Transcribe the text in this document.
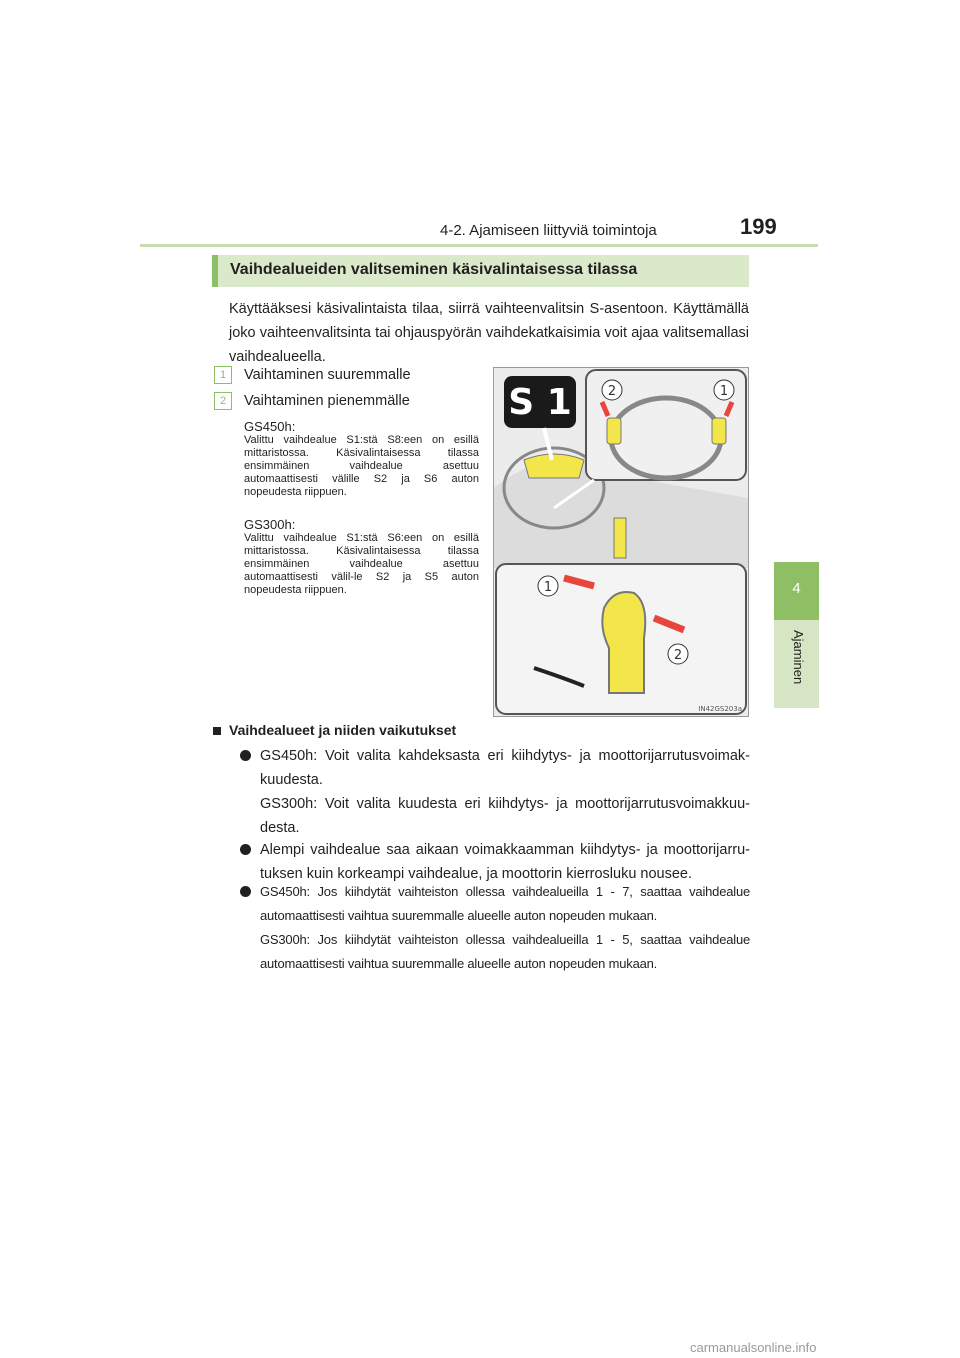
4-2. Ajamiseen liittyviä toimintoja	199
4
Ajaminen
Vaihdealueiden valitseminen käsivalintaisessa tilassa
Käyttääksesi käsivalintaista tilaa, siirrä vaihteenvalitsin S-asentoon. Käyttämällä joko vaihteenvalitsinta tai ohjauspyörän vaihdekatkaisimia voit ajaa valitsemallasi vaihdealueella.
1 Vaihtaminen suuremmalle
2 Vaihtaminen pienemmälle
GS450h:
Valittu vaihdealue S1:stä S8:een on esillä mittaristossa. Käsivalintaisessa tilassa ensimmäinen vaihdealue asettuu automaattisesti välille S2 ja S6 auton nopeudesta riippuen.
GS300h:
Valittu vaihdealue S1:stä S6:een on esillä mittaristossa. Käsivalintaisessa tilassa ensimmäinen vaihdealue asettuu automaattisesti välil-le S2 ja S5 auton nopeudesta riippuen.
S 1	2	1
1
2
IN42GS203a
Vaihdealueet ja niiden vaikutukset
GS450h: Voit valita kahdeksasta eri kiihdytys- ja moottorijarrutusvoimak-kuudesta.
GS300h: Voit valita kuudesta eri kiihdytys- ja moottorijarrutusvoimakkuu-desta.
Alempi vaihdealue saa aikaan voimakkaamman kiihdytys- ja moottorijarru-tuksen kuin korkeampi vaihdealue, ja moottorin kierrosluku nousee.
GS450h: Jos kiihdytät vaihteiston ollessa vaihdealueilla 1 - 7, saattaa vaihdealue automaattisesti vaihtua suuremmalle alueelle auton nopeuden mukaan.
GS300h: Jos kiihdytät vaihteiston ollessa vaihdealueilla 1 - 5, saattaa vaihdealue automaattisesti vaihtua suuremmalle alueelle auton nopeuden mukaan.
carmanualsonline.info
